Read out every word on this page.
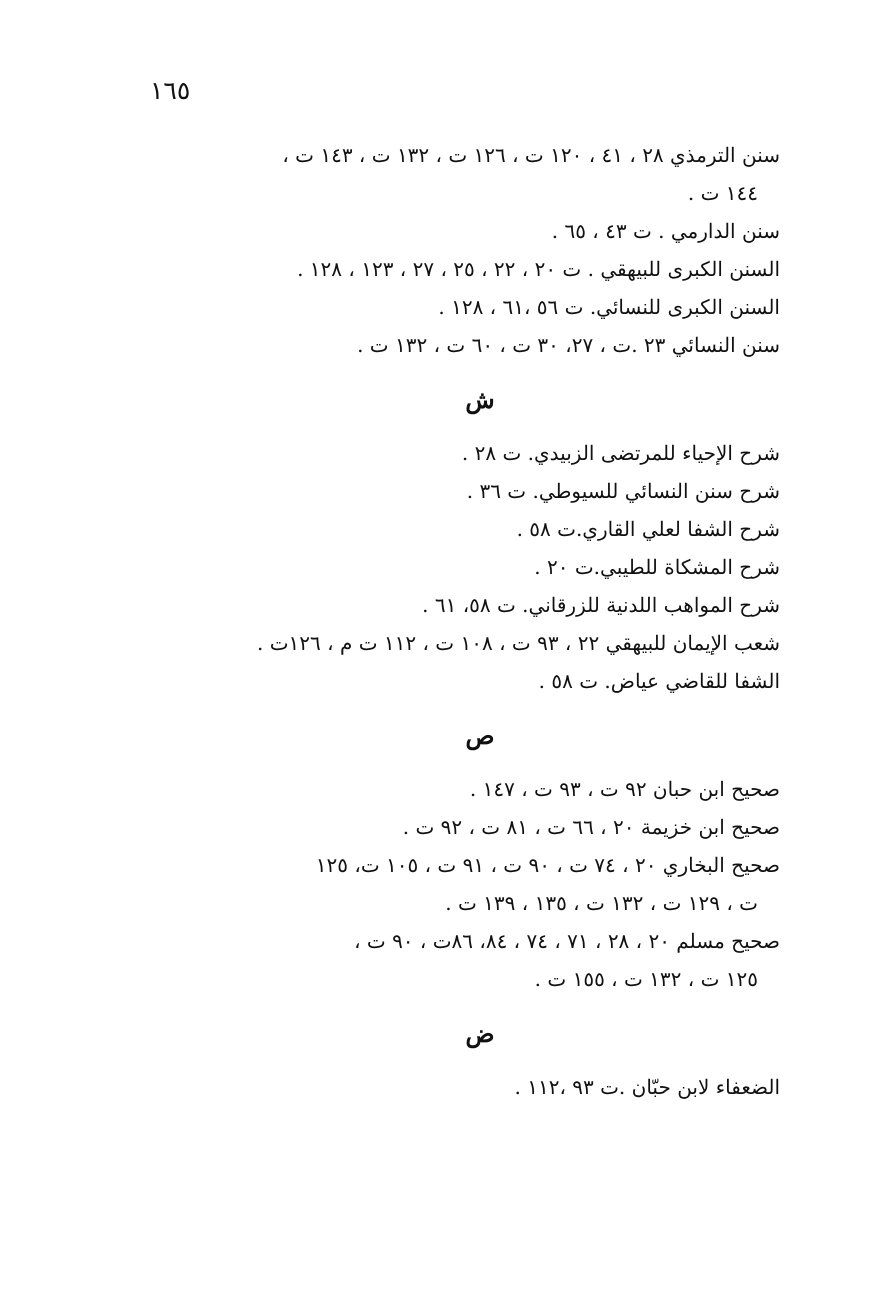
١٦٥
سنن الترمذي ٢٨ ، ٤١ ، ١٢٠ ت ، ١٢٦ ت ، ١٣٢ ت ، ١٤٣ ت ،
١٤٤ ت .
سنن الدارمي . ت ٤٣ ، ٦٥ .
السنن الكبرى للبيهقي . ت ٢٠ ، ٢٢ ، ٢٥ ، ٢٧ ، ١٢٣ ، ١٢٨ .
السنن الكبرى للنسائي. ت ٥٦ ،٦١ ، ١٢٨ .
سنن النسائي ٢٣ .ت ، ٢٧، ٣٠ ت ، ٦٠ ت ، ١٣٢ ت .
ش
شرح الإحياء للمرتضى الزبيدي. ت ٢٨ .
شرح سنن النسائي للسيوطي. ت ٣٦ .
شرح الشفا لعلي القاري.ت ٥٨ .
شرح المشكاة للطيبي.ت ٢٠ .
شرح المواهب اللدنية للزرقاني. ت ٥٨، ٦١ .
شعب الإيمان للبيهقي ٢٢ ، ٩٣ ت ، ١٠٨ ت ، ١١٢ ت م ، ١٢٦ت .
الشفا للقاضي عياض. ت ٥٨ .
ص
صحيح ابن حبان ٩٢ ت ، ٩٣ ت ، ١٤٧ .
صحيح ابن خزيمة ٢٠ ، ٦٦ ت ، ٨١ ت ، ٩٢ ت .
صحيح البخاري ٢٠ ، ٧٤ ت ، ٩٠ ت ، ٩١ ت ، ١٠٥ ت، ١٢٥
ت ، ١٢٩ ت ، ١٣٢ ت ، ١٣٥ ، ١٣٩ ت .
صحيح مسلم ٢٠ ، ٢٨ ، ٧١ ، ٧٤ ، ٨٤، ٨٦ت ، ٩٠ ت ،
١٢٥ ت ، ١٣٢ ت ، ١٥٥ ت .
ض
الضعفاء لابن حبّان .ت ٩٣ ،١١٢ .
